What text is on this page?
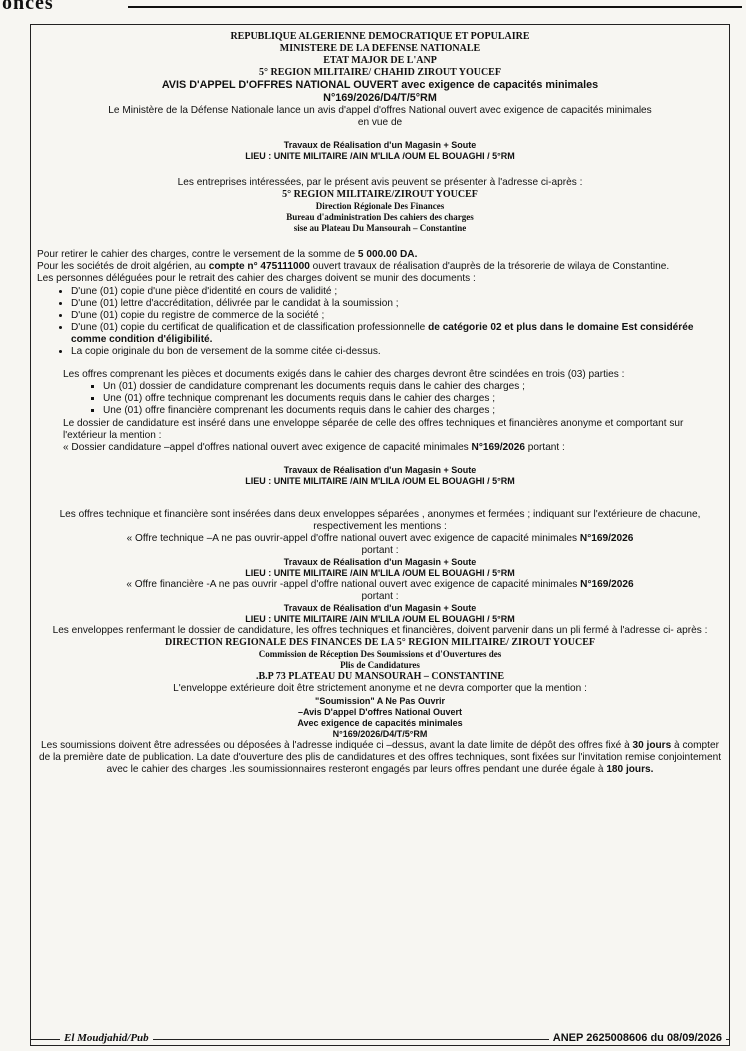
onces
REPUBLIQUE ALGERIENNE DEMOCRATIQUE ET POPULAIRE
MINISTERE DE LA DEFENSE NATIONALE
ETAT MAJOR DE L'ANP
5° REGION MILITAIRE/ CHAHID ZIROUT YOUCEF
AVIS D'APPEL D'OFFRES NATIONAL OUVERT avec exigence de capacités minimales
N°169/2026/D4/T/5°RM
Le Ministère de la Défense Nationale lance un avis d'appel d'offres National ouvert avec exigence de capacités minimales
en vue de
Travaux de Réalisation d'un Magasin + Soute
LIEU : UNITE MILITAIRE /AIN M'LILA /OUM EL BOUAGHI / 5°RM
Les entreprises intéressées, par le présent avis peuvent se présenter à l'adresse ci-après :
5° REGION MILITAIRE/ZIROUT YOUCEF
Direction Régionale Des Finances
Bureau d'administration Des cahiers des charges
sise au Plateau Du Mansourah – Constantine
Pour retirer le cahier des charges, contre le versement de la somme de 5 000.00 DA.
Pour les sociétés de droit algérien, au compte n° 475111000 ouvert travaux de réalisation d'auprès de la trésorerie de wilaya de Constantine.
Les personnes déléguées pour le retrait des cahier des charges doivent se munir des documents :
• D'une (01) copie d'une pièce d'identité en cours de validité ;
• D'une (01) lettre d'accréditation, délivrée par le candidat à la soumission ;
• D'une (01) copie du registre de commerce de la société ;
• D'une (01) copie du certificat de qualification et de classification professionnelle de catégorie 02 et plus dans le domaine Est considérée comme condition d'éligibilité.
• La copie originale du bon de versement de la somme citée ci-dessus.
Les offres comprenant les pièces et documents exigés dans le cahier des charges devront être scindées en trois (03) parties :
▪ Un (01) dossier de candidature comprenant les documents requis dans le cahier des charges ;
▪ Une (01) offre technique comprenant les documents requis dans le cahier des charges ;
▪ Une (01) offre financière comprenant les documents requis dans le cahier des charges ;
Le dossier de candidature est inséré dans une enveloppe séparée de celle des offres techniques et financières anonyme et comportant sur l'extérieur la mention :
« Dossier candidature –appel d'offres national ouvert avec exigence de capacité minimales N°169/2026 portant :
Travaux de Réalisation d'un Magasin + Soute
LIEU : UNITE MILITAIRE /AIN M'LILA /OUM EL BOUAGHI / 5°RM
Les offres technique et financière sont insérées dans deux enveloppes séparées , anonymes et fermées ; indiquant sur l'extérieure de chacune, respectivement les mentions :
« Offre technique –A ne pas ouvrir-appel d'offre national ouvert avec exigence de capacité minimales N°169/2026
portant :
Travaux de Réalisation d'un Magasin + Soute
LIEU : UNITE MILITAIRE /AIN M'LILA /OUM EL BOUAGHI / 5°RM
« Offre financière -A ne pas ouvrir -appel d'offre national ouvert avec exigence de capacité minimales N°169/2026
portant :
Travaux de Réalisation d'un Magasin + Soute
LIEU : UNITE MILITAIRE /AIN M'LILA /OUM EL BOUAGHI / 5°RM
Les enveloppes renfermant le dossier de candidature, les offres techniques et financières, doivent parvenir dans un pli fermé à l'adresse ci- après :
DIRECTION REGIONALE DES FINANCES DE LA 5° REGION MILITAIRE/ ZIROUT YOUCEF
Commission de Réception Des Soumissions et d'Ouvertures des
Plis de Candidatures
.B.P 73 PLATEAU DU MANSOURAH – CONSTANTINE
L'enveloppe extérieure doit être strictement anonyme et ne devra comporter que la mention :
"Soumission" A Ne Pas Ouvrir
–Avis D'appel D'offres National Ouvert
Avec exigence de capacités minimales
N°169/2026/D4/T/5°RM
Les soumissions doivent être adressées ou déposées à l'adresse indiquée ci –dessus, avant la date limite de dépôt des offres fixé à 30 jours à compter de la première date de publication. La date d'ouverture des plis de candidatures et des offres techniques, sont fixées sur l'invitation remise conjointement avec le cahier des charges .les soumissionnaires resteront engagés par leurs offres pendant une durée égale à 180 jours.
El Moudjahid/Pub	ANEP 2625008606 du 08/09/2026
